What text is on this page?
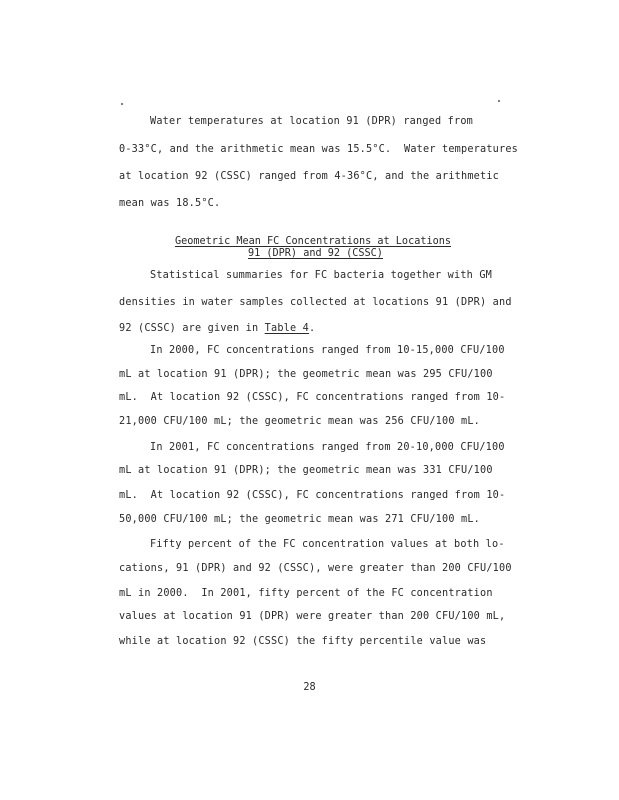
Water temperatures at location 91 (DPR) ranged from
0-33°C, and the arithmetic mean was 15.5°C.  Water temperatures
at location 92 (CSSC) ranged from 4-36°C, and the arithmetic
mean was 18.5°C.
Geometric Mean FC Concentrations at Locations
91 (DPR) and 92 (CSSC)
Statistical summaries for FC bacteria together with GM
densities in water samples collected at locations 91 (DPR) and
92 (CSSC) are given in Table 4.
In 2000, FC concentrations ranged from 10-15,000 CFU/100
mL at location 91 (DPR); the geometric mean was 295 CFU/100
mL.  At location 92 (CSSC), FC concentrations ranged from 10-
21,000 CFU/100 mL; the geometric mean was 256 CFU/100 mL.
In 2001, FC concentrations ranged from 20-10,000 CFU/100
mL at location 91 (DPR); the geometric mean was 331 CFU/100
mL.  At location 92 (CSSC), FC concentrations ranged from 10-
50,000 CFU/100 mL; the geometric mean was 271 CFU/100 mL.
Fifty percent of the FC concentration values at both lo-
cations, 91 (DPR) and 92 (CSSC), were greater than 200 CFU/100
mL in 2000.  In 2001, fifty percent of the FC concentration
values at location 91 (DPR) were greater than 200 CFU/100 mL,
while at location 92 (CSSC) the fifty percentile value was
28
